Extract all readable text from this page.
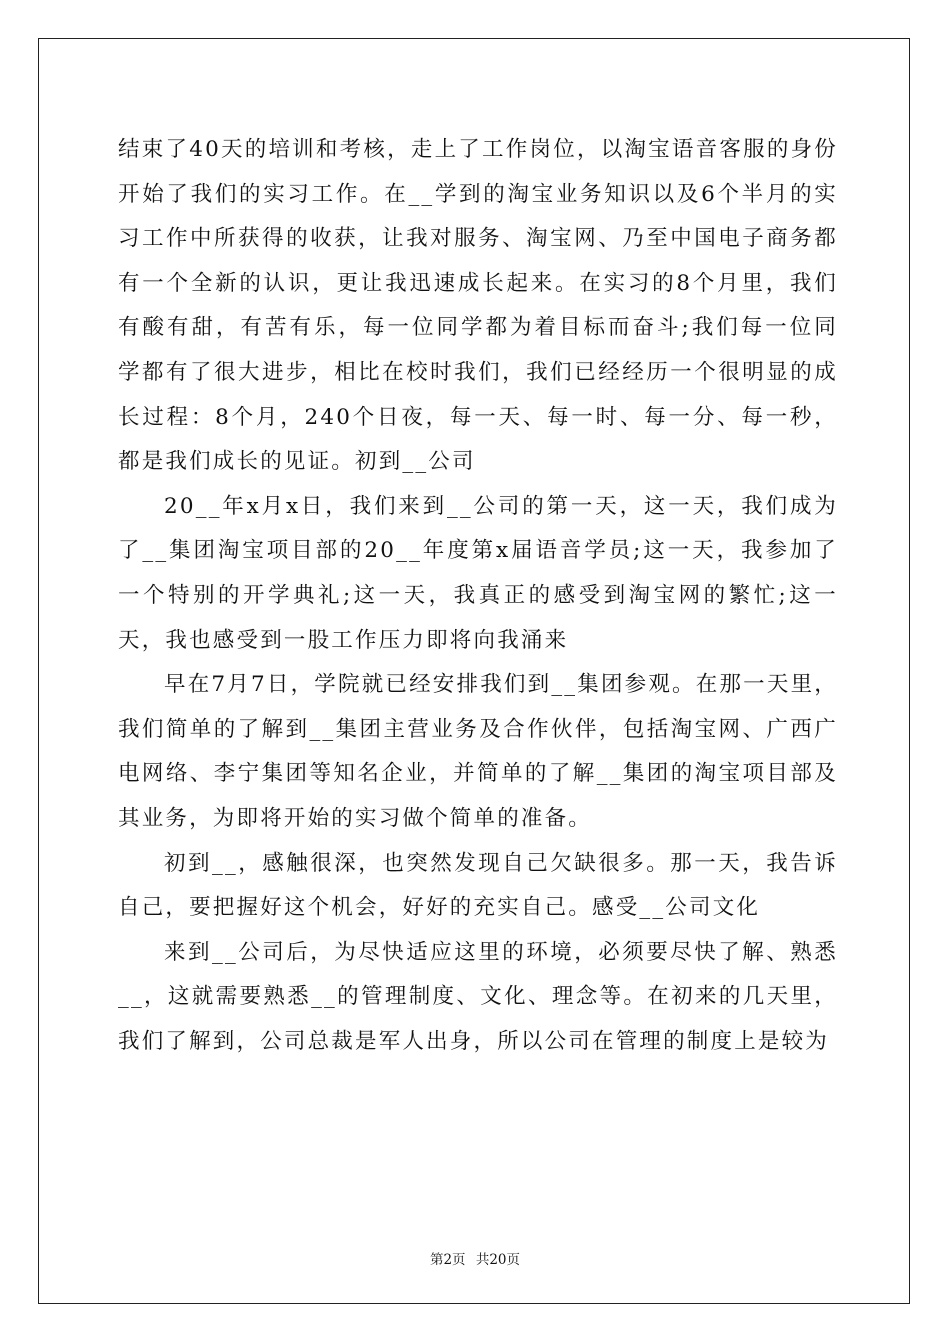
结束了40天的培训和考核，走上了工作岗位，以淘宝语音客服的身份开始了我们的实习工作。在__学到的淘宝业务知识以及6个半月的实习工作中所获得的收获，让我对服务、淘宝网、乃至中国电子商务都有一个全新的认识，更让我迅速成长起来。在实习的8个月里，我们有酸有甜，有苦有乐，每一位同学都为着目标而奋斗;我们每一位同学都有了很大进步，相比在校时我们，我们已经经历一个很明显的成长过程：8个月，240个日夜，每一天、每一时、每一分、每一秒，都是我们成长的见证。初到__公司

20__年x月x日，我们来到__公司的第一天，这一天，我们成为了__集团淘宝项目部的20__年度第x届语音学员;这一天，我参加了一个特别的开学典礼;这一天，我真正的感受到淘宝网的繁忙;这一天，我也感受到一股工作压力即将向我涌来

早在7月7日，学院就已经安排我们到__集团参观。在那一天里，我们简单的了解到__集团主营业务及合作伙伴，包括淘宝网、广西广电网络、李宁集团等知名企业，并简单的了解__集团的淘宝项目部及其业务，为即将开始的实习做个简单的准备。

初到__，感触很深，也突然发现自己欠缺很多。那一天，我告诉自己，要把握好这个机会，好好的充实自己。感受__公司文化

来到__公司后，为尽快适应这里的环境，必须要尽快了解、熟悉__，这就需要熟悉__的管理制度、文化、理念等。在初来的几天里，我们了解到，公司总裁是军人出身，所以公司在管理的制度上是较为

第2页 共20页
